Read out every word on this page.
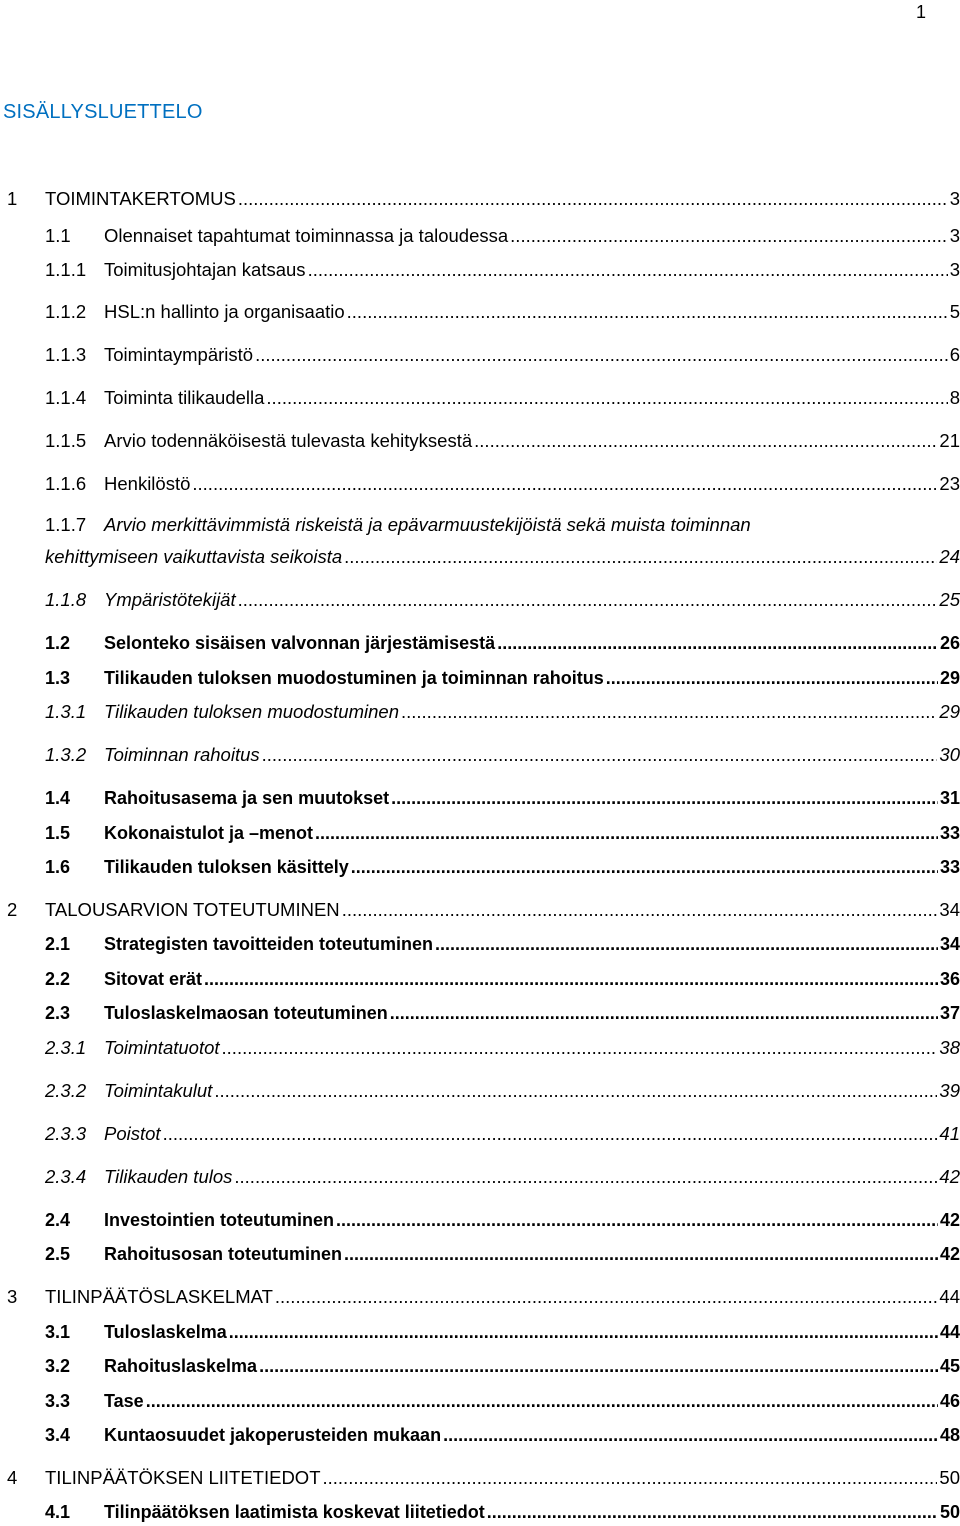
1
SISÄLLYSLUETTELO
1	TOIMINTAKERTOMUS .....	3
1.1	Olennaiset tapahtumat toiminnassa ja taloudessa .....	3
1.1.1 Toimitusjohtajan katsaus .....	3
1.1.2 HSL:n hallinto ja organisaatio .....	5
1.1.3 Toimintaympäristö .....	6
1.1.4 Toiminta tilikaudella .....	8
1.1.5 Arvio todennäköisestä tulevasta kehityksestä .....	21
1.1.6 Henkilöstö .....	23
1.1.7 Arvio merkittävimmistä riskeistä ja epävarmuustekijöistä sekä muista toiminnan
kehittymiseen vaikuttavista seikoista .....	24
1.1.8 Ympäristötekijät .....	25
1.2	Selonteko sisäisen valvonnan järjestämisestä .....	26
1.3	Tilikauden tuloksen muodostuminen ja toiminnan rahoitus .....	29
1.3.1 Tilikauden tuloksen muodostuminen .....	29
1.3.2 Toiminnan rahoitus .....	30
1.4	Rahoitusasema ja sen muutokset .....	31
1.5	Kokonaistulot ja –menot .....	33
1.6	Tilikauden tuloksen käsittely .....	33
2	TALOUSARVION TOTEUTUMINEN .....	34
2.1	Strategisten tavoitteiden toteutuminen .....	34
2.2	Sitovat erät .....	36
2.3	Tuloslaskelmaosan toteutuminen .....	37
2.3.1 Toimintatuotot .....	38
2.3.2 Toimintakulut .....	39
2.3.3 Poistot .....	41
2.3.4 Tilikauden tulos .....	42
2.4	Investointien toteutuminen .....	42
2.5	Rahoitusosan toteutuminen .....	42
3	TILINPÄÄTÖSLASKELMAT .....	44
3.1	Tuloslaskelma .....	44
3.2	Rahoituslaskelma .....	45
3.3	Tase .....	46
3.4	Kuntaosuudet jakoperusteiden mukaan .....	48
4	TILINPÄÄTÖKSEN LIITETIEDOT .....	50
4.1	Tilinpäätöksen laatimista koskevat liitetiedot .....	50
